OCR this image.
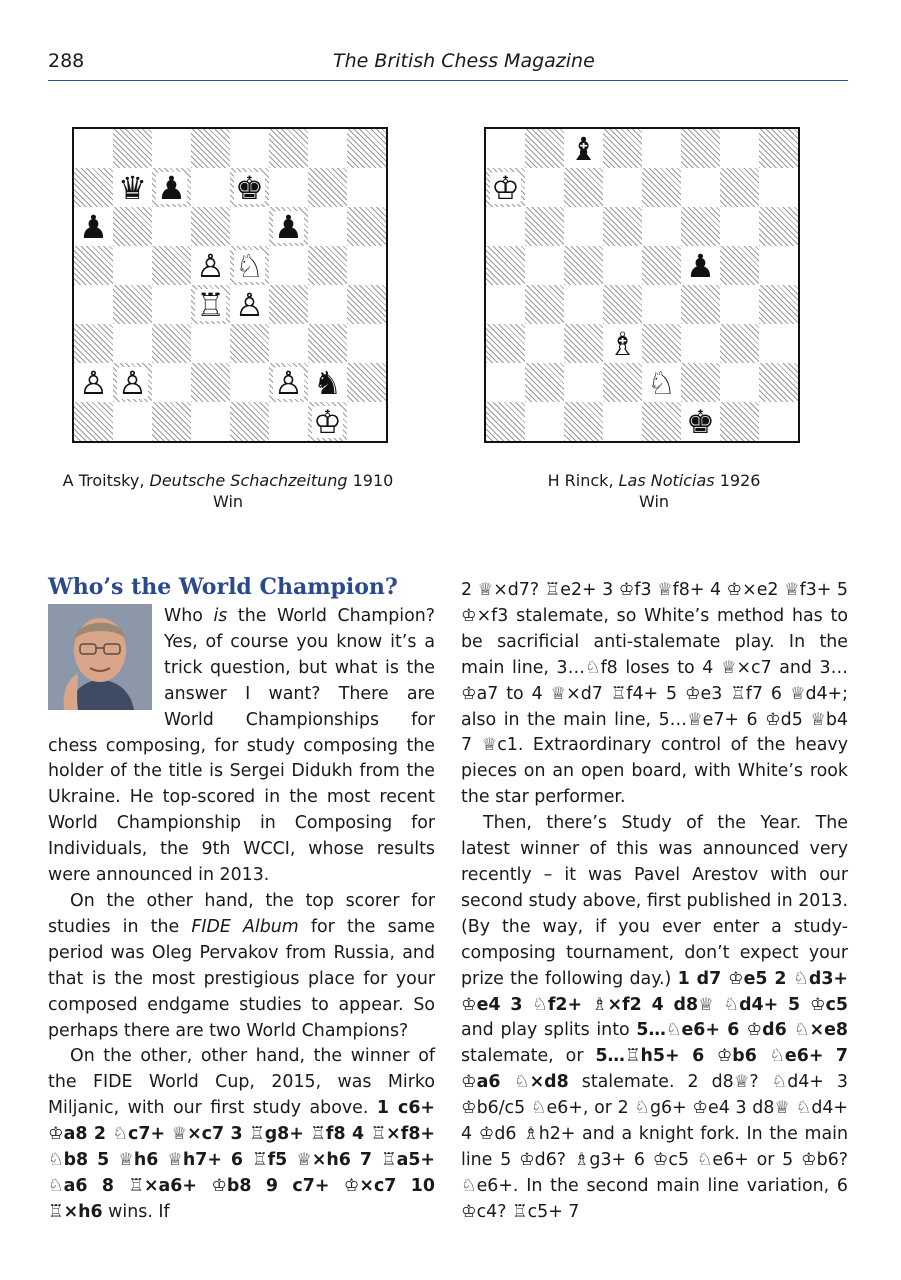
288	The British Chess Magazine
♛ ♟ ♚
♟	♟
♙ ♘
♖ ♙
♙ ♙	♙ ♞
♔
♝
♔
♟
♗
♘
♚
A Troitsky, Deutsche Schachzeitung 1910
Win
H Rinck, Las Noticias 1926
Win
Who’s the World Champion?

Who is the World Champion? Yes, of course you know it’s a trick question, but what is the answer I want? There are World Championships for chess composing, for study composing the holder of the title is Sergei Didukh from the Ukraine. He top-scored in the most recent World Championship in Composing for Individuals, the 9th WCCI, whose results were announced in 2013.

On the other hand, the top scorer for studies in the FIDE Album for the same period was Oleg Pervakov from Russia, and that is the most prestigious place for your composed endgame studies to appear. So perhaps there are two World Champions?

On the other, other hand, the winner of the FIDE World Cup, 2015, was Mirko Miljanic, with our first study above. 1 c6+ ♔a8 2 ♘c7+ ♕×c7 3 ♖g8+ ♖f8 4 ♖×f8+ ♘b8 5 ♕h6 ♕h7+ 6 ♖f5 ♕×h6 7 ♖a5+ ♘a6 8 ♖×a6+ ♔b8 9 c7+ ♔×c7 10 ♖×h6 wins. If

2 ♕×d7? ♖e2+ 3 ♔f3 ♕f8+ 4 ♔×e2 ♕f3+ 5 ♔×f3 stalemate, so White’s method has to be sacrificial anti-stalemate play. In the main line, 3…♘f8 loses to 4 ♕×c7 and 3…♔a7 to 4 ♕×d7 ♖f4+ 5 ♔e3 ♖f7 6 ♕d4+; also in the main line, 5…♕e7+ 6 ♔d5 ♕b4 7 ♕c1. Extraordinary control of the heavy pieces on an open board, with White’s rook the star performer.

Then, there’s Study of the Year. The latest winner of this was announced very recently – it was Pavel Arestov with our second study above, first published in 2013. (By the way, if you ever enter a study-composing tournament, don’t expect your prize the following day.) 1 d7 ♔e5 2 ♘d3+ ♔e4 3 ♘f2+ ♗×f2 4 d8♕ ♘d4+ 5 ♔c5 and play splits into 5…♘e6+ 6 ♔d6 ♘×e8 stalemate, or 5…♖h5+ 6 ♔b6 ♘e6+ 7 ♔a6 ♘×d8 stalemate. 2 d8♕? ♘d4+ 3 ♔b6/c5 ♘e6+, or 2 ♘g6+ ♔e4 3 d8♕ ♘d4+ 4 ♔d6 ♗h2+ and a knight fork. In the main line 5 ♔d6? ♗g3+ 6 ♔c5 ♘e6+ or 5 ♔b6? ♘e6+. In the second main line variation, 6 ♔c4? ♖c5+ 7
